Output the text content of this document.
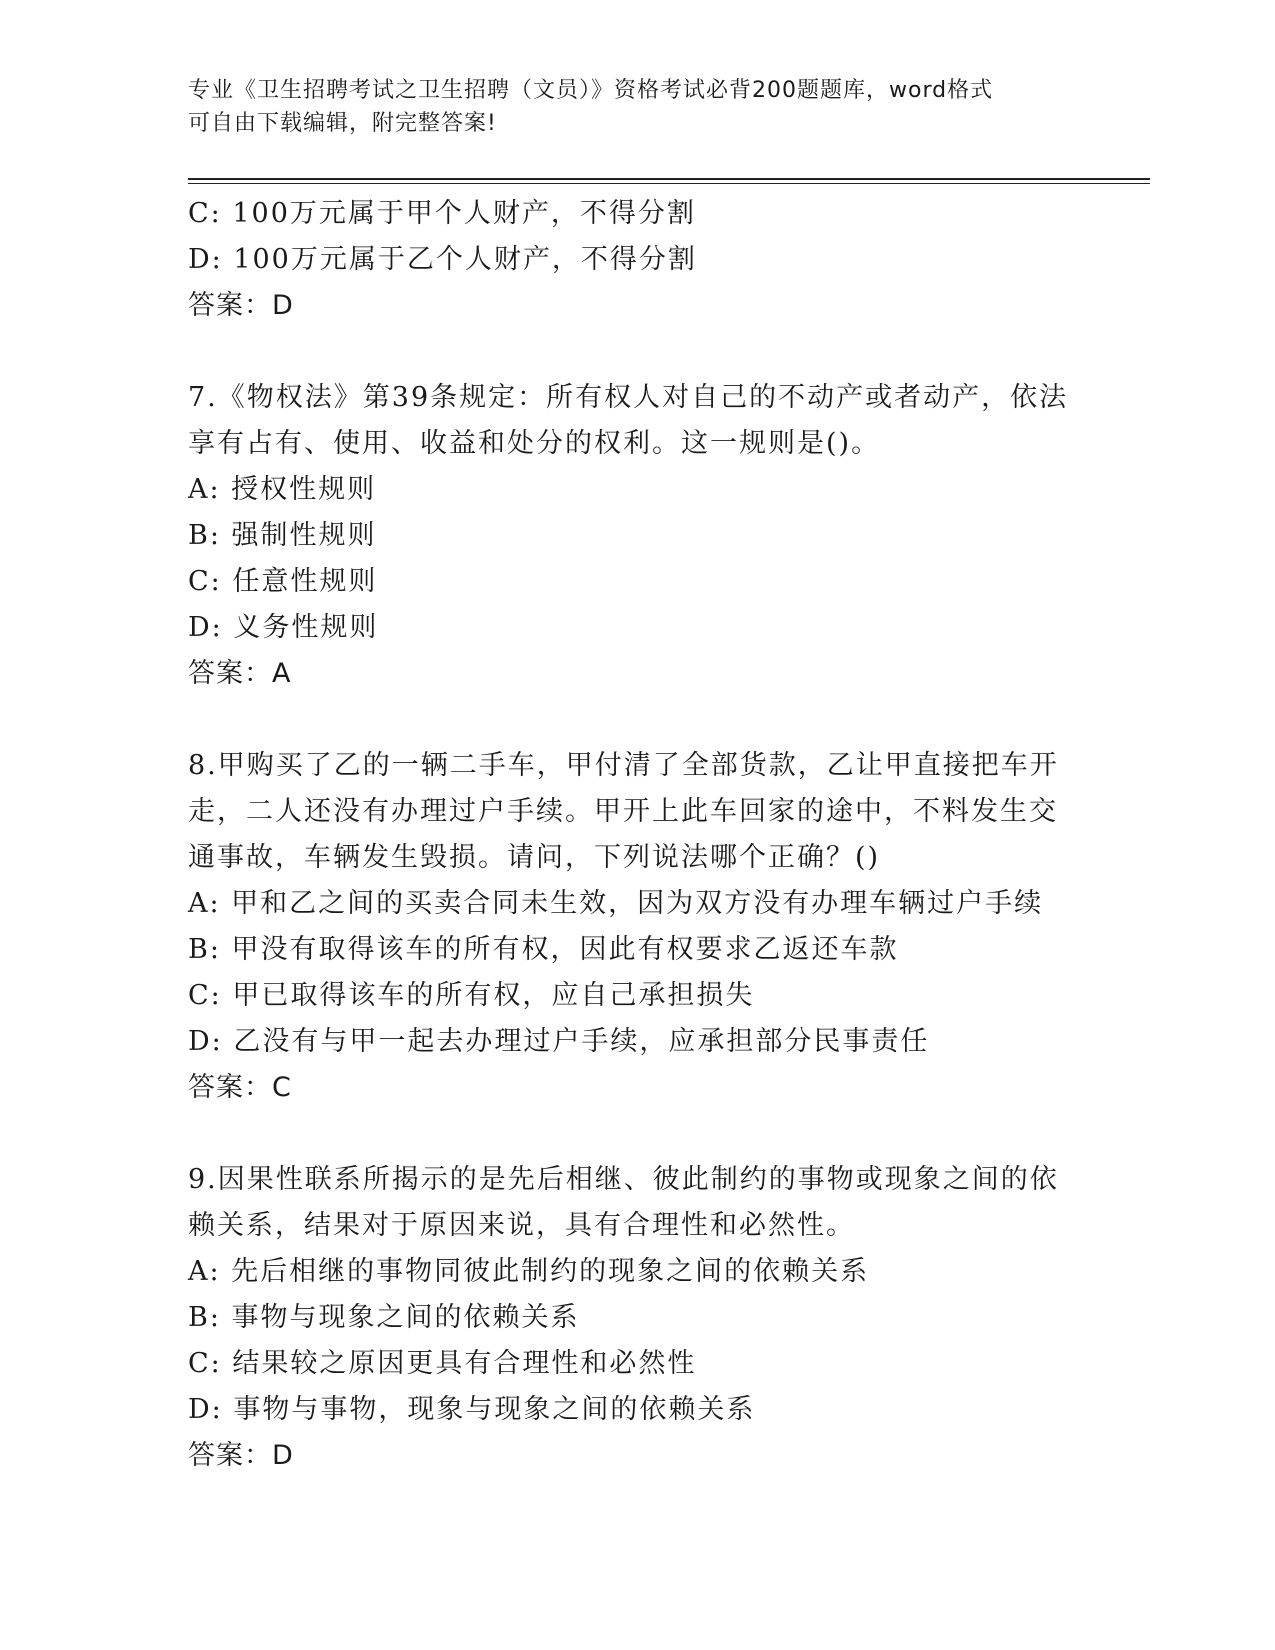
专业《卫生招聘考试之卫生招聘（文员）》资格考试必背200题题库，word格式
可自由下载编辑，附完整答案!
C: 100万元属于甲个人财产，不得分割
D: 100万元属于乙个人财产，不得分割
答案：D
7.《物权法》第39条规定：所有权人对自己的不动产或者动产，依法
享有占有、使用、收益和处分的权利。这一规则是()。
A: 授权性规则
B: 强制性规则
C: 任意性规则
D: 义务性规则
答案：A
8.甲购买了乙的一辆二手车，甲付清了全部货款，乙让甲直接把车开
走，二人还没有办理过户手续。甲开上此车回家的途中，不料发生交
通事故，车辆发生毁损。请问，下列说法哪个正确？()
A: 甲和乙之间的买卖合同未生效，因为双方没有办理车辆过户手续
B: 甲没有取得该车的所有权，因此有权要求乙返还车款
C: 甲已取得该车的所有权，应自己承担损失
D: 乙没有与甲一起去办理过户手续，应承担部分民事责任
答案：C
9.因果性联系所揭示的是先后相继、彼此制约的事物或现象之间的依
赖关系，结果对于原因来说，具有合理性和必然性。
A: 先后相继的事物同彼此制约的现象之间的依赖关系
B: 事物与现象之间的依赖关系
C: 结果较之原因更具有合理性和必然性
D: 事物与事物，现象与现象之间的依赖关系
答案：D
